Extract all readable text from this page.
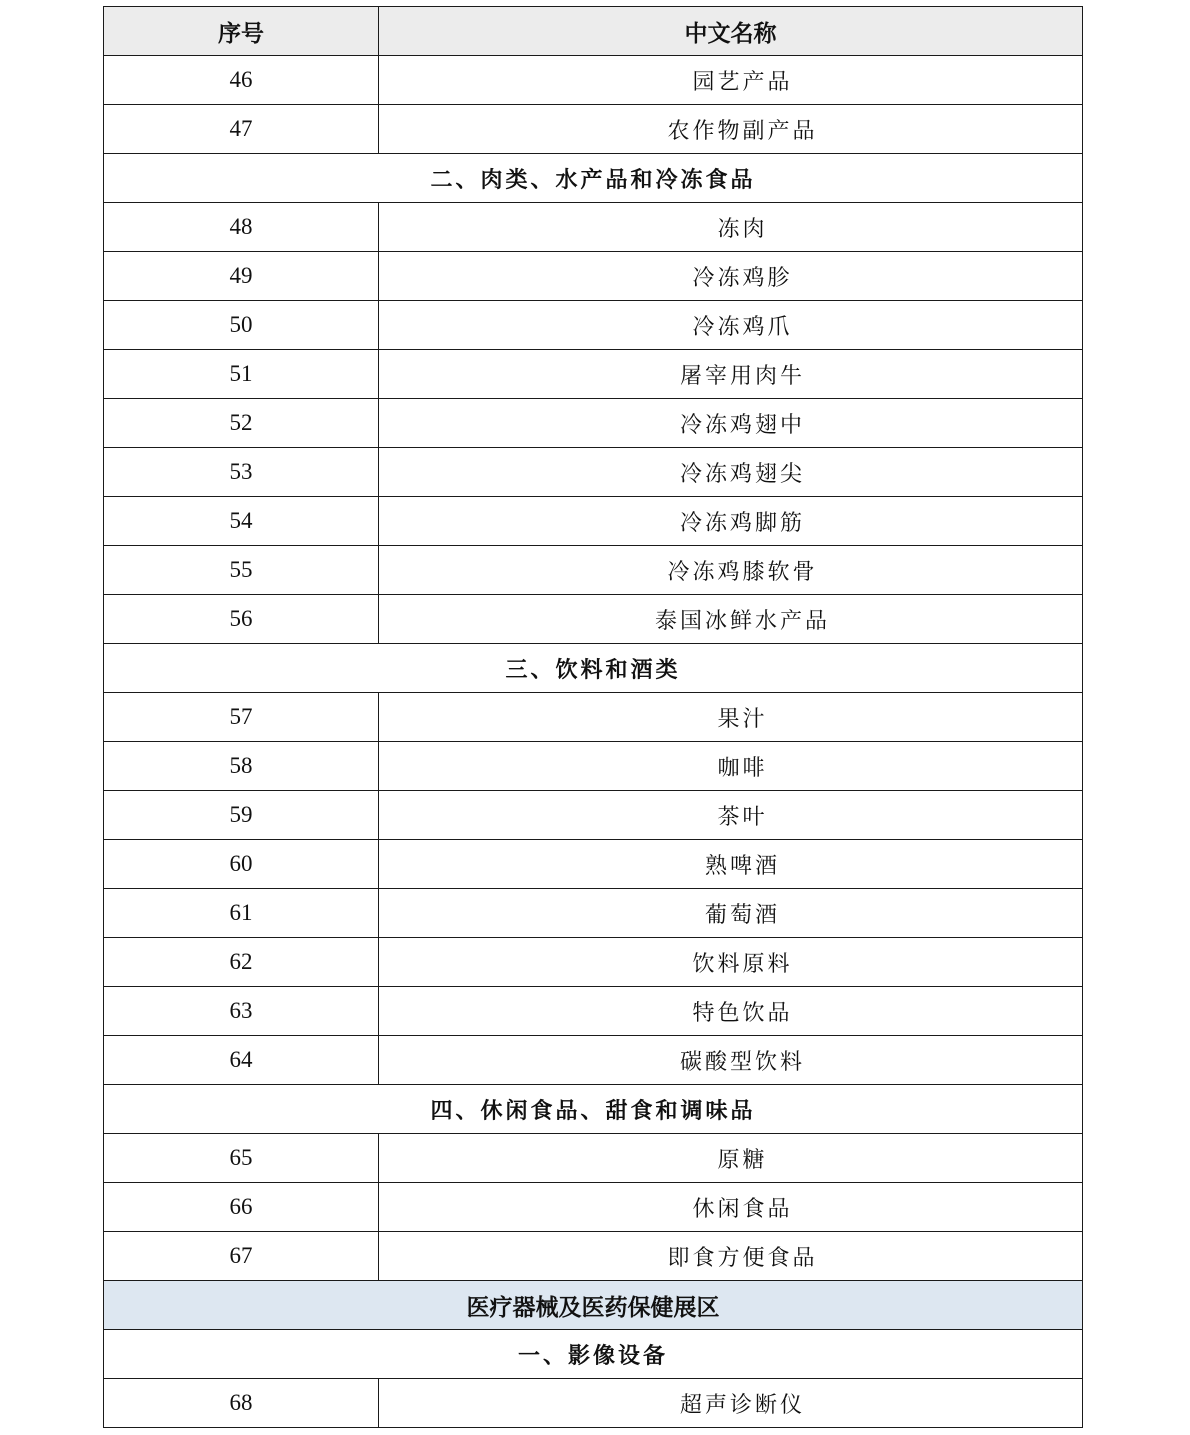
序号	中文名称
46	园艺产品
47	农作物副产品
二、肉类、水产品和冷冻食品	
48	冻肉
49	冷冻鸡胗
50	冷冻鸡爪
51	屠宰用肉牛
52	冷冻鸡翅中
53	冷冻鸡翅尖
54	冷冻鸡脚筋
55	冷冻鸡膝软骨
56	泰国冰鲜水产品
三、饮料和酒类	
57	果汁
58	咖啡
59	茶叶
60	熟啤酒
61	葡萄酒
62	饮料原料
63	特色饮品
64	碳酸型饮料
四、休闲食品、甜食和调味品	
65	原糖
66	休闲食品
67	即食方便食品
医疗器械及医药保健展区	
一、影像设备	
68	超声诊断仪
